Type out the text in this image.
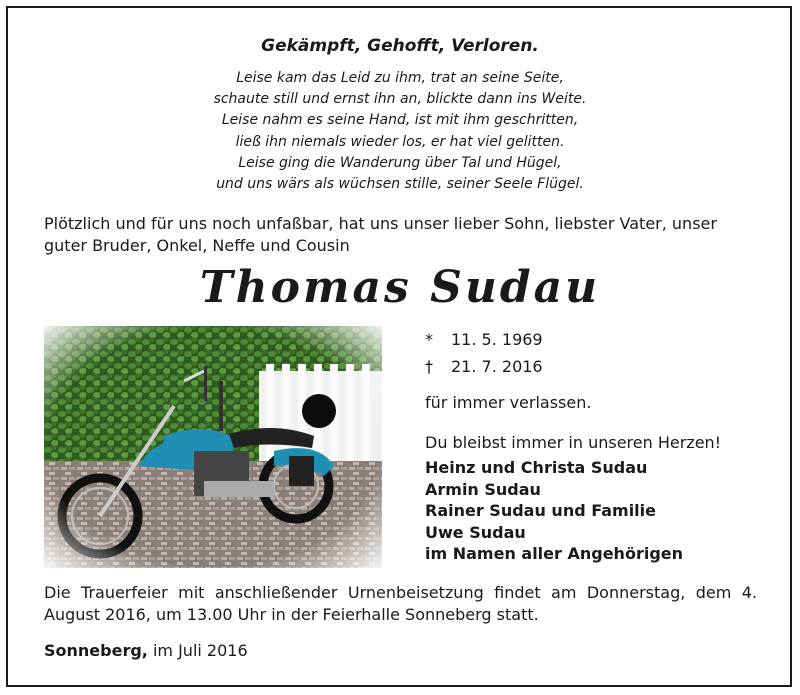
Gekämpft, Gehofft, Verloren.
Leise kam das Leid zu ihm, trat an seine Seite,
schaute still und ernst ihn an, blickte dann ins Weite.
Leise nahm es seine Hand, ist mit ihm geschritten,
ließ ihn niemals wieder los, er hat viel gelitten.
Leise ging die Wanderung über Tal und Hügel,
und uns wärs als wüchsen stille, seiner Seele Flügel.
Plötzlich und für uns noch unfaßbar, hat uns unser lieber Sohn, liebster Vater, unser guter Bruder, Onkel, Neffe und Cousin
Thomas Sudau
* 11. 5. 1969
† 21. 7. 2016
für immer verlassen.
Du bleibst immer in unseren Herzen!
Heinz und Christa Sudau
Armin Sudau
Rainer Sudau und Familie
Uwe Sudau
im Namen aller Angehörigen
Die Trauerfeier mit anschließender Urnenbeisetzung findet am Donnerstag, dem 4. August 2016, um 13.00 Uhr in der Feierhalle Sonneberg statt.
Sonneberg, im Juli 2016
